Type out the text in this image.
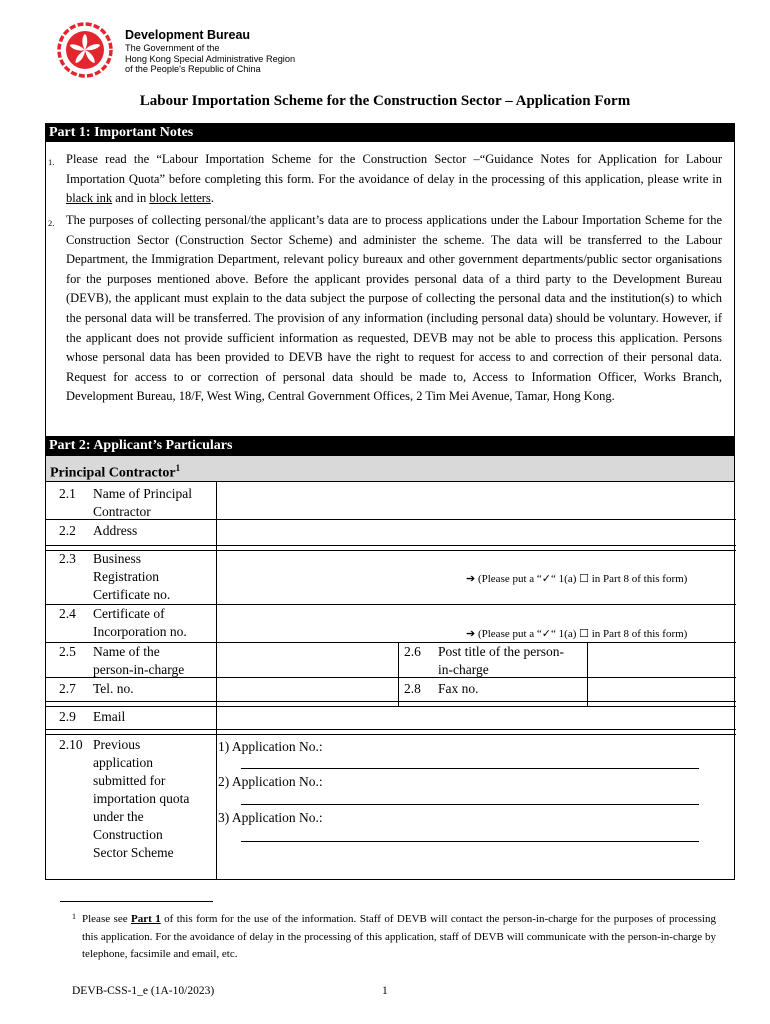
Development Bureau
The Government of the
Hong Kong Special Administrative Region
of the People's Republic of China
Labour Importation Scheme for the Construction Sector – Application Form
Part 1: Important Notes
1. Please read the “Labour Importation Scheme for the Construction Sector –“Guidance Notes for Application for Labour Importation Quota” before completing this form. For the avoidance of delay in the processing of this application, please write in black ink and in block letters.
2. The purposes of collecting personal/the applicant’s data are to process applications under the Labour Importation Scheme for the Construction Sector (Construction Sector Scheme) and administer the scheme. The data will be transferred to the Labour Department, the Immigration Department, relevant policy bureaux and other government departments/public sector organisations for the purposes mentioned above. Before the applicant provides personal data of a third party to the Development Bureau (DEVB), the applicant must explain to the data subject the purpose of collecting the personal data and the institution(s) to which the personal data will be transferred. The provision of any information (including personal data) should be voluntary. However, if the applicant does not provide sufficient information as requested, DEVB may not be able to process this application. Persons whose personal data has been provided to DEVB have the right to request for access to and correction of their personal data. Request for access to or correction of personal data should be made to, Access to Information Officer, Works Branch, Development Bureau, 18/F, West Wing, Central Government Offices, 2 Tim Mei Avenue, Tamar, Hong Kong.
Part 2: Applicant’s Particulars
Principal Contractor$^1$
2.1 Name of Principal
Contractor
2.2 Address
2.3 Business
Registration
Certificate no.
➔ (Please put a “✓“ 1(a) ☐ in Part 8 of this form)
2.4 Certificate of
Incorporation no.	➔ (Please put a “✓“ 1(a) ☐ in Part 8 of this form)
2.5 Name of the
person-in-charge
2.6 Post title of the person-
in-charge
2.7 Tel. no.	2.8 Fax no.
2.9 Email
2.10 Previous
application
submitted for
importation quota
under the
Construction
Sector Scheme
1) Application No.:
2) Application No.:
3) Application No.:
1 Please see Part 1 of this form for the use of the information. Staff of DEVB will contact the person-in-charge for the purposes of processing this application. For the avoidance of delay in the processing of this application, staff of DEVB will communicate with the person-in-charge by telephone, facsimile and email, etc.
DEVB-CSS-1_e (1A-10/2023)	1
